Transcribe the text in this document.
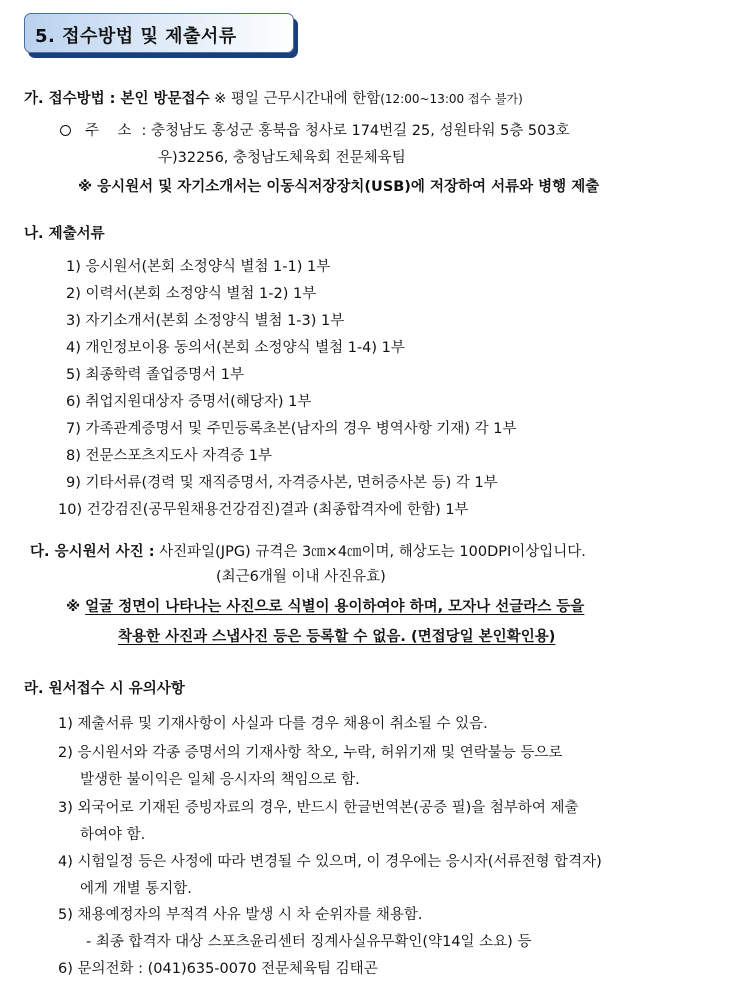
5. 접수방법 및 제출서류
가. 접수방법 : 본인 방문접수 ※ 평일 근무시간내에 한함(12:00~13:00 접수 불가)
주    소 : 충청남도 홍성군 홍북읍 청사로 174번길 25, 성원타워 5층 503호
우)32256, 충청남도체육회 전문체육팀
※ 응시원서 및 자기소개서는 이동식저장장치(USB)에 저장하여 서류와 병행 제출
나. 제출서류
1) 응시원서(본회 소정양식 별첨 1-1) 1부
2) 이력서(본회 소정양식 별첨 1-2) 1부
3) 자기소개서(본회 소정양식 별첨 1-3) 1부
4) 개인정보이용 동의서(본회 소정양식 별첨 1-4) 1부
5) 최종학력 졸업증명서 1부
6) 취업지원대상자 증명서(해당자) 1부
7) 가족관계증명서 및 주민등록초본(남자의 경우 병역사항 기재) 각 1부
8) 전문스포츠지도사 자격증 1부
9) 기타서류(경력 및 재직증명서, 자격증사본, 면허증사본 등) 각 1부
10) 건강검진(공무원채용건강검진)결과 (최종합격자에 한함) 1부
다. 응시원서 사진 : 사진파일(JPG) 규격은 3㎝×4㎝이며, 해상도는 100DPI이상입니다.
(최근6개월 이내 사진유효)
※ 얼굴 정면이 나타나는 사진으로 식별이 용이하여야 하며, 모자나 선글라스 등을
착용한 사진과 스냅사진 등은 등록할 수 없음. (면접당일 본인확인용)
라. 원서접수 시 유의사항
1) 제출서류 및 기재사항이 사실과 다를 경우 채용이 취소될 수 있음.
2) 응시원서와 각종 증명서의 기재사항 착오, 누락, 허위기재 및 연락불능 등으로
발생한 불이익은 일체 응시자의 책임으로 함.
3) 외국어로 기재된 증빙자료의 경우, 반드시 한글번역본(공증 필)을 첨부하여 제출
하여야 함.
4) 시험일정 등은 사정에 따라 변경될 수 있으며, 이 경우에는 응시자(서류전형 합격자)
에게 개별 통지함.
5) 채용예정자의 부적격 사유 발생 시 차 순위자를 채용함.
- 최종 합격자 대상 스포츠윤리센터 징계사실유무확인(약14일 소요) 등
6) 문의전화 : (041)635-0070 전문체육팀 김태곤
